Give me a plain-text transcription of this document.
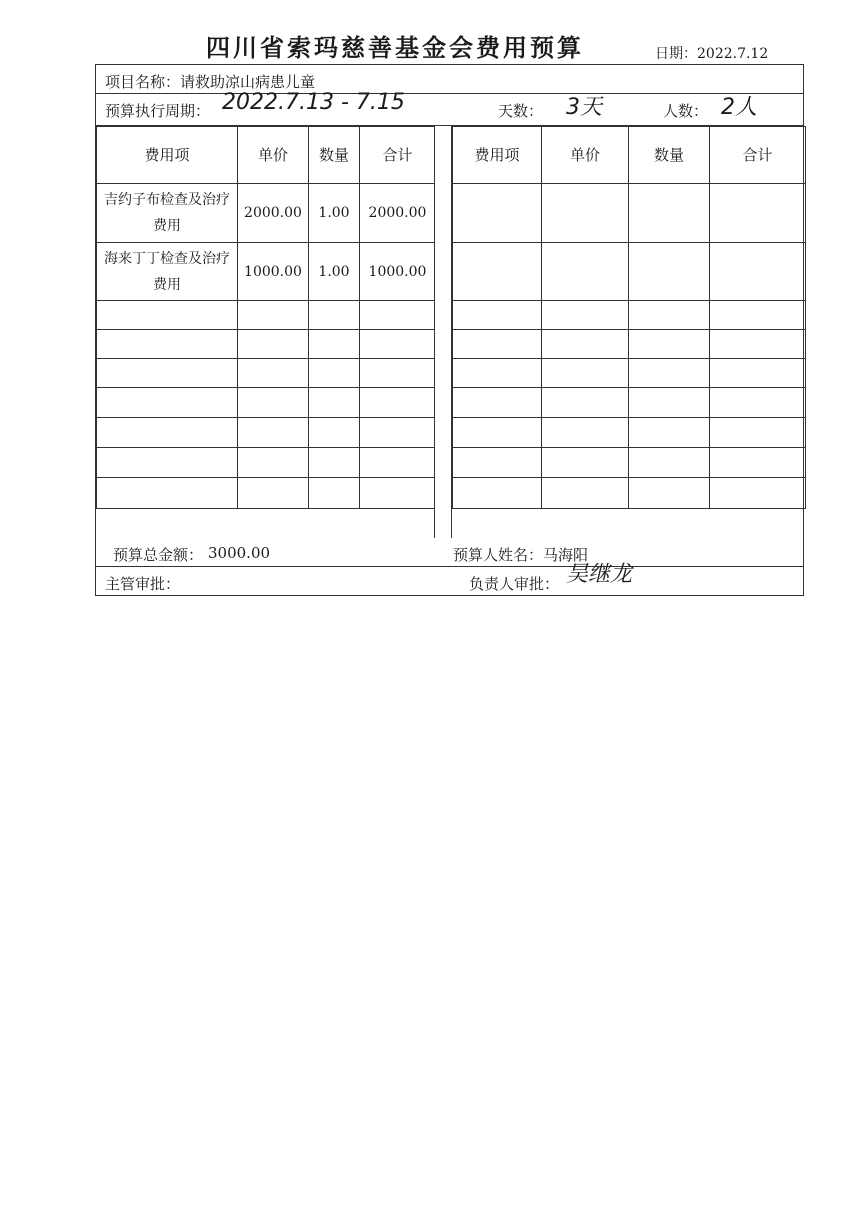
四川省索玛慈善基金会费用预算	日期：2022.7.12
项目名称： 请救助凉山病患儿童
预算执行周期： 2022.7.13 - 7.15	天数： 3天	人数： 2人
费用项	单价	数量	合计
吉约子布检查及治疗费用	2000.00	1.00	2000.00
海来丁丁检查及治疗费用	1000.00	1.00	1000.00

费用项	单价	数量	合计

预算总金额： 3000.00	预算人姓名： 马海阳
主管审批：	负责人审批： 吴继龙
